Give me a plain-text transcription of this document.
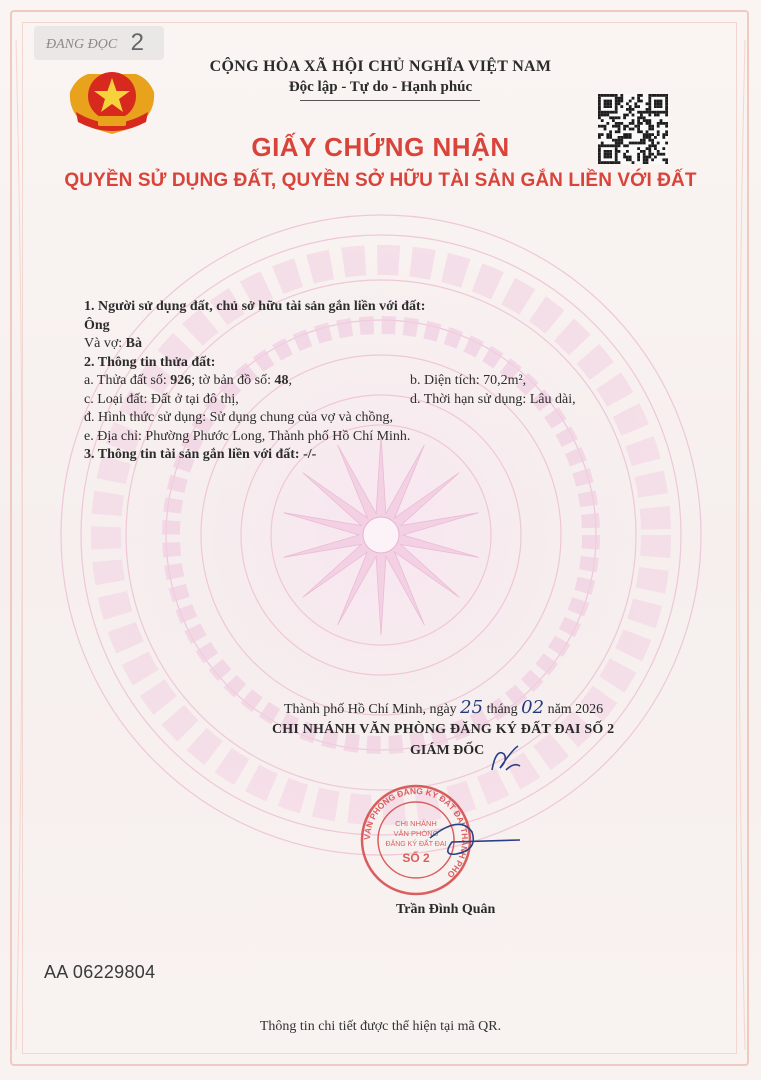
ĐANG ĐỌC 2
CỘNG HÒA XÃ HỘI CHỦ NGHĨA VIỆT NAM
Độc lập - Tự do - Hạnh phúc
GIẤY CHỨNG NHẬN
QUYỀN SỬ DỤNG ĐẤT, QUYỀN SỞ HỮU TÀI SẢN GẮN LIỀN VỚI ĐẤT
1. Người sử dụng đất, chủ sở hữu tài sản gắn liền với đất:
Ông
Và vợ: Bà
2. Thông tin thửa đất:
a. Thửa đất số: 926; tờ bản đồ số: 48,	b. Diện tích: 70,2m²,
c. Loại đất: Đất ở tại đô thị,	d. Thời hạn sử dụng: Lâu dài,
đ. Hình thức sử dụng: Sử dụng chung của vợ và chồng,
e. Địa chỉ: Phường Phước Long, Thành phố Hồ Chí Minh.
3. Thông tin tài sản gắn liền với đất: -/-
Thành phố Hồ Chí Minh, ngày 25 tháng 02 năm 2026
CHI NHÁNH VĂN PHÒNG ĐĂNG KÝ ĐẤT ĐAI SỐ 2
GIÁM ĐỐC
VĂN PHÒNG ĐĂNG KÝ ĐẤT ĐAI THÀNH PHỐ
CHI NHÁNH
VĂN PHÒNG
ĐĂNG KÝ ĐẤT ĐAI
SỐ 2
Trần Đình Quân
AA 06229804
Thông tin chi tiết được thể hiện tại mã QR.
